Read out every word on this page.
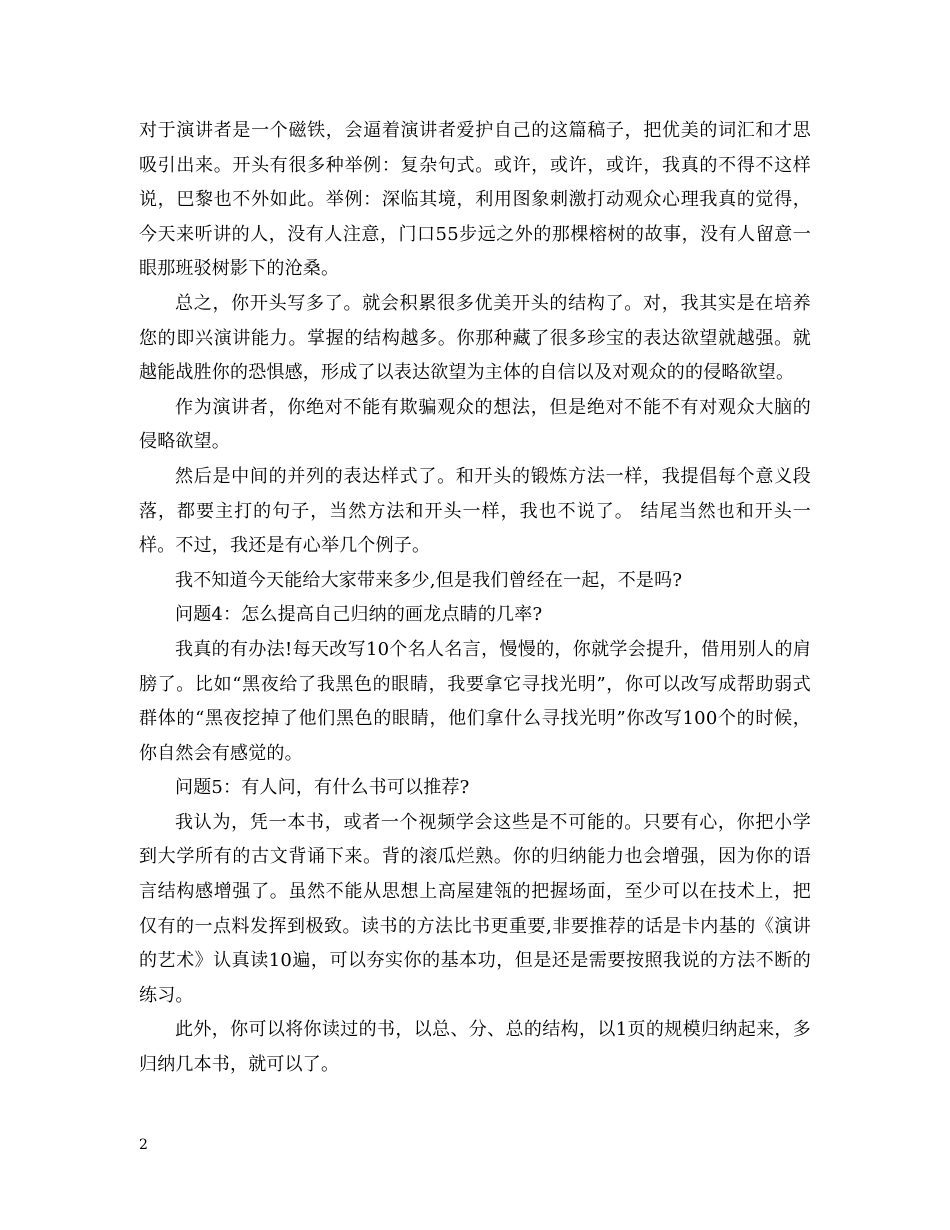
对于演讲者是一个磁铁，会逼着演讲者爱护自己的这篇稿子，把优美的词汇和才思吸引出来。开头有很多种举例：复杂句式。或许，或许，或许，我真的不得不这样说，巴黎也不外如此。举例：深临其境，利用图象刺激打动观众心理我真的觉得，今天来听讲的人，没有人注意，门口55步远之外的那棵榕树的故事，没有人留意一眼那班驳树影下的沧桑。

总之，你开头写多了。就会积累很多优美开头的结构了。对，我其实是在培养您的即兴演讲能力。掌握的结构越多。你那种藏了很多珍宝的表达欲望就越强。就越能战胜你的恐惧感，形成了以表达欲望为主体的自信以及对观众的的侵略欲望。

作为演讲者，你绝对不能有欺骗观众的想法，但是绝对不能不有对观众大脑的侵略欲望。

然后是中间的并列的表达样式了。和开头的锻炼方法一样，我提倡每个意义段落，都要主打的句子，当然方法和开头一样，我也不说了。 结尾当然也和开头一样。不过，我还是有心举几个例子。

我不知道今天能给大家带来多少,但是我们曾经在一起，不是吗?

问题4：怎么提高自己归纳的画龙点睛的几率?

我真的有办法!每天改写10个名人名言，慢慢的，你就学会提升，借用别人的肩膀了。比如“黑夜给了我黑色的眼睛，我要拿它寻找光明”，你可以改写成帮助弱式群体的“黑夜挖掉了他们黑色的眼睛，他们拿什么寻找光明”你改写100个的时候，你自然会有感觉的。

问题5：有人问，有什么书可以推荐?

我认为，凭一本书，或者一个视频学会这些是不可能的。只要有心，你把小学到大学所有的古文背诵下来。背的滚瓜烂熟。你的归纳能力也会增强，因为你的语言结构感增强了。虽然不能从思想上高屋建瓴的把握场面，至少可以在技术上，把仅有的一点料发挥到极致。读书的方法比书更重要,非要推荐的话是卡内基的《演讲的艺术》认真读10遍，可以夯实你的基本功，但是还是需要按照我说的方法不断的练习。

此外，你可以将你读过的书，以总、分、总的结构，以1页的规模归纳起来，多归纳几本书，就可以了。

2
